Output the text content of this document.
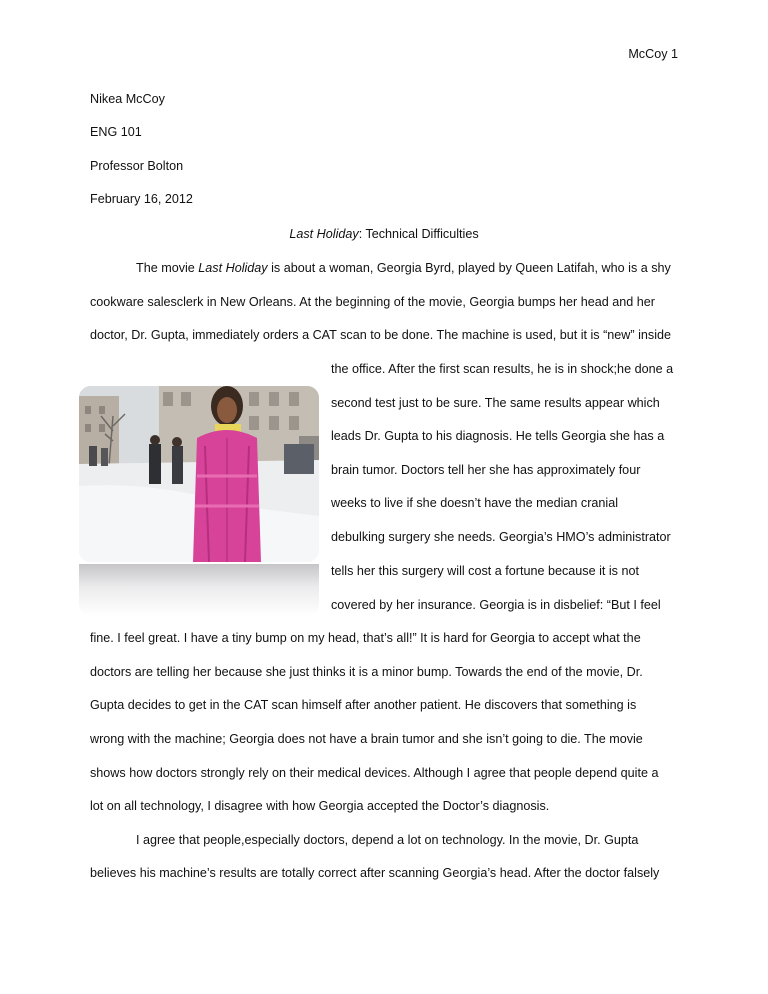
McCoy 1
Nikea McCoy
ENG 101
Professor Bolton
February 16, 2012
Last Holiday: Technical Difficulties
The movie Last Holiday is about a woman, Georgia Byrd, played by Queen Latifah, who is a shy
cookware salesclerk in New Orleans. At the beginning of the movie, Georgia bumps her head and her
doctor, Dr. Gupta, immediately orders a CAT scan to be done. The machine is used, but it is “new” inside
the office. After the first scan results, he is in shock;he done a
second test just to be sure. The same results appear which
leads Dr. Gupta to his diagnosis. He tells Georgia she has a
brain tumor. Doctors tell her she has approximately four
weeks to live if she doesn’t have the median cranial
debulking surgery she needs. Georgia’s HMO’s administrator
tells her this surgery will cost a fortune because it is not
covered by her insurance. Georgia is in disbelief: “But I feel
fine. I feel great. I have a tiny bump on my head, that’s all!” It is hard for Georgia to accept what the
doctors are telling her because she just thinks it is a minor bump. Towards the end of the movie, Dr.
Gupta decides to get in the CAT scan himself after another patient. He discovers that something is
wrong with the machine; Georgia does not have a brain tumor and she isn’t going to die. The movie
shows how doctors strongly rely on their medical devices. Although I agree that people depend quite a
lot on all technology, I disagree with how Georgia accepted the Doctor’s diagnosis.
I agree that people,especially doctors, depend a lot on technology. In the movie, Dr. Gupta
believes his machine’s results are totally correct after scanning Georgia’s head. After the doctor falsely
